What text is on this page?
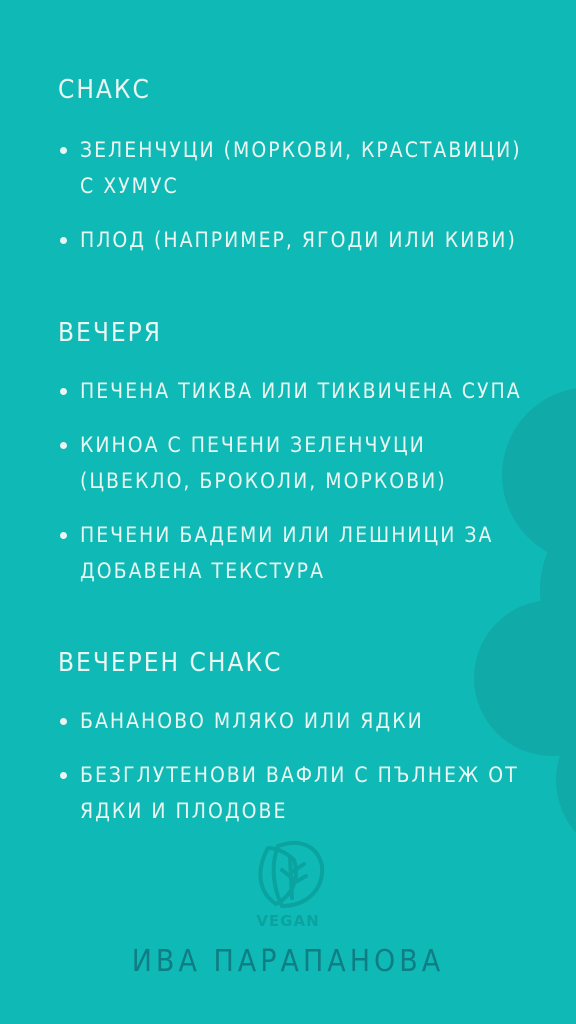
СНАКС
ЗЕЛЕНЧУЦИ (МОРКОВИ, КРАСТАВИЦИ)
С ХУМУС
ПЛОД (НАПРИМЕР, ЯГОДИ ИЛИ КИВИ)
ВЕЧЕРЯ
ПЕЧЕНА ТИКВА ИЛИ ТИКВИЧЕНА СУПА
КИНОА С ПЕЧЕНИ ЗЕЛЕНЧУЦИ
(ЦВЕКЛО, БРОКОЛИ, МОРКОВИ)
ПЕЧЕНИ БАДЕМИ ИЛИ ЛЕШНИЦИ ЗА
ДОБАВЕНА ТЕКСТУРА
ВЕЧЕРЕН СНАКС
БАНАНОВО МЛЯКО ИЛИ ЯДКИ
БЕЗГЛУТЕНОВИ ВАФЛИ С ПЪЛНЕЖ ОТ
ЯДКИ И ПЛОДОВЕ
VEGAN
ИВА ПАРАПАНОВА
